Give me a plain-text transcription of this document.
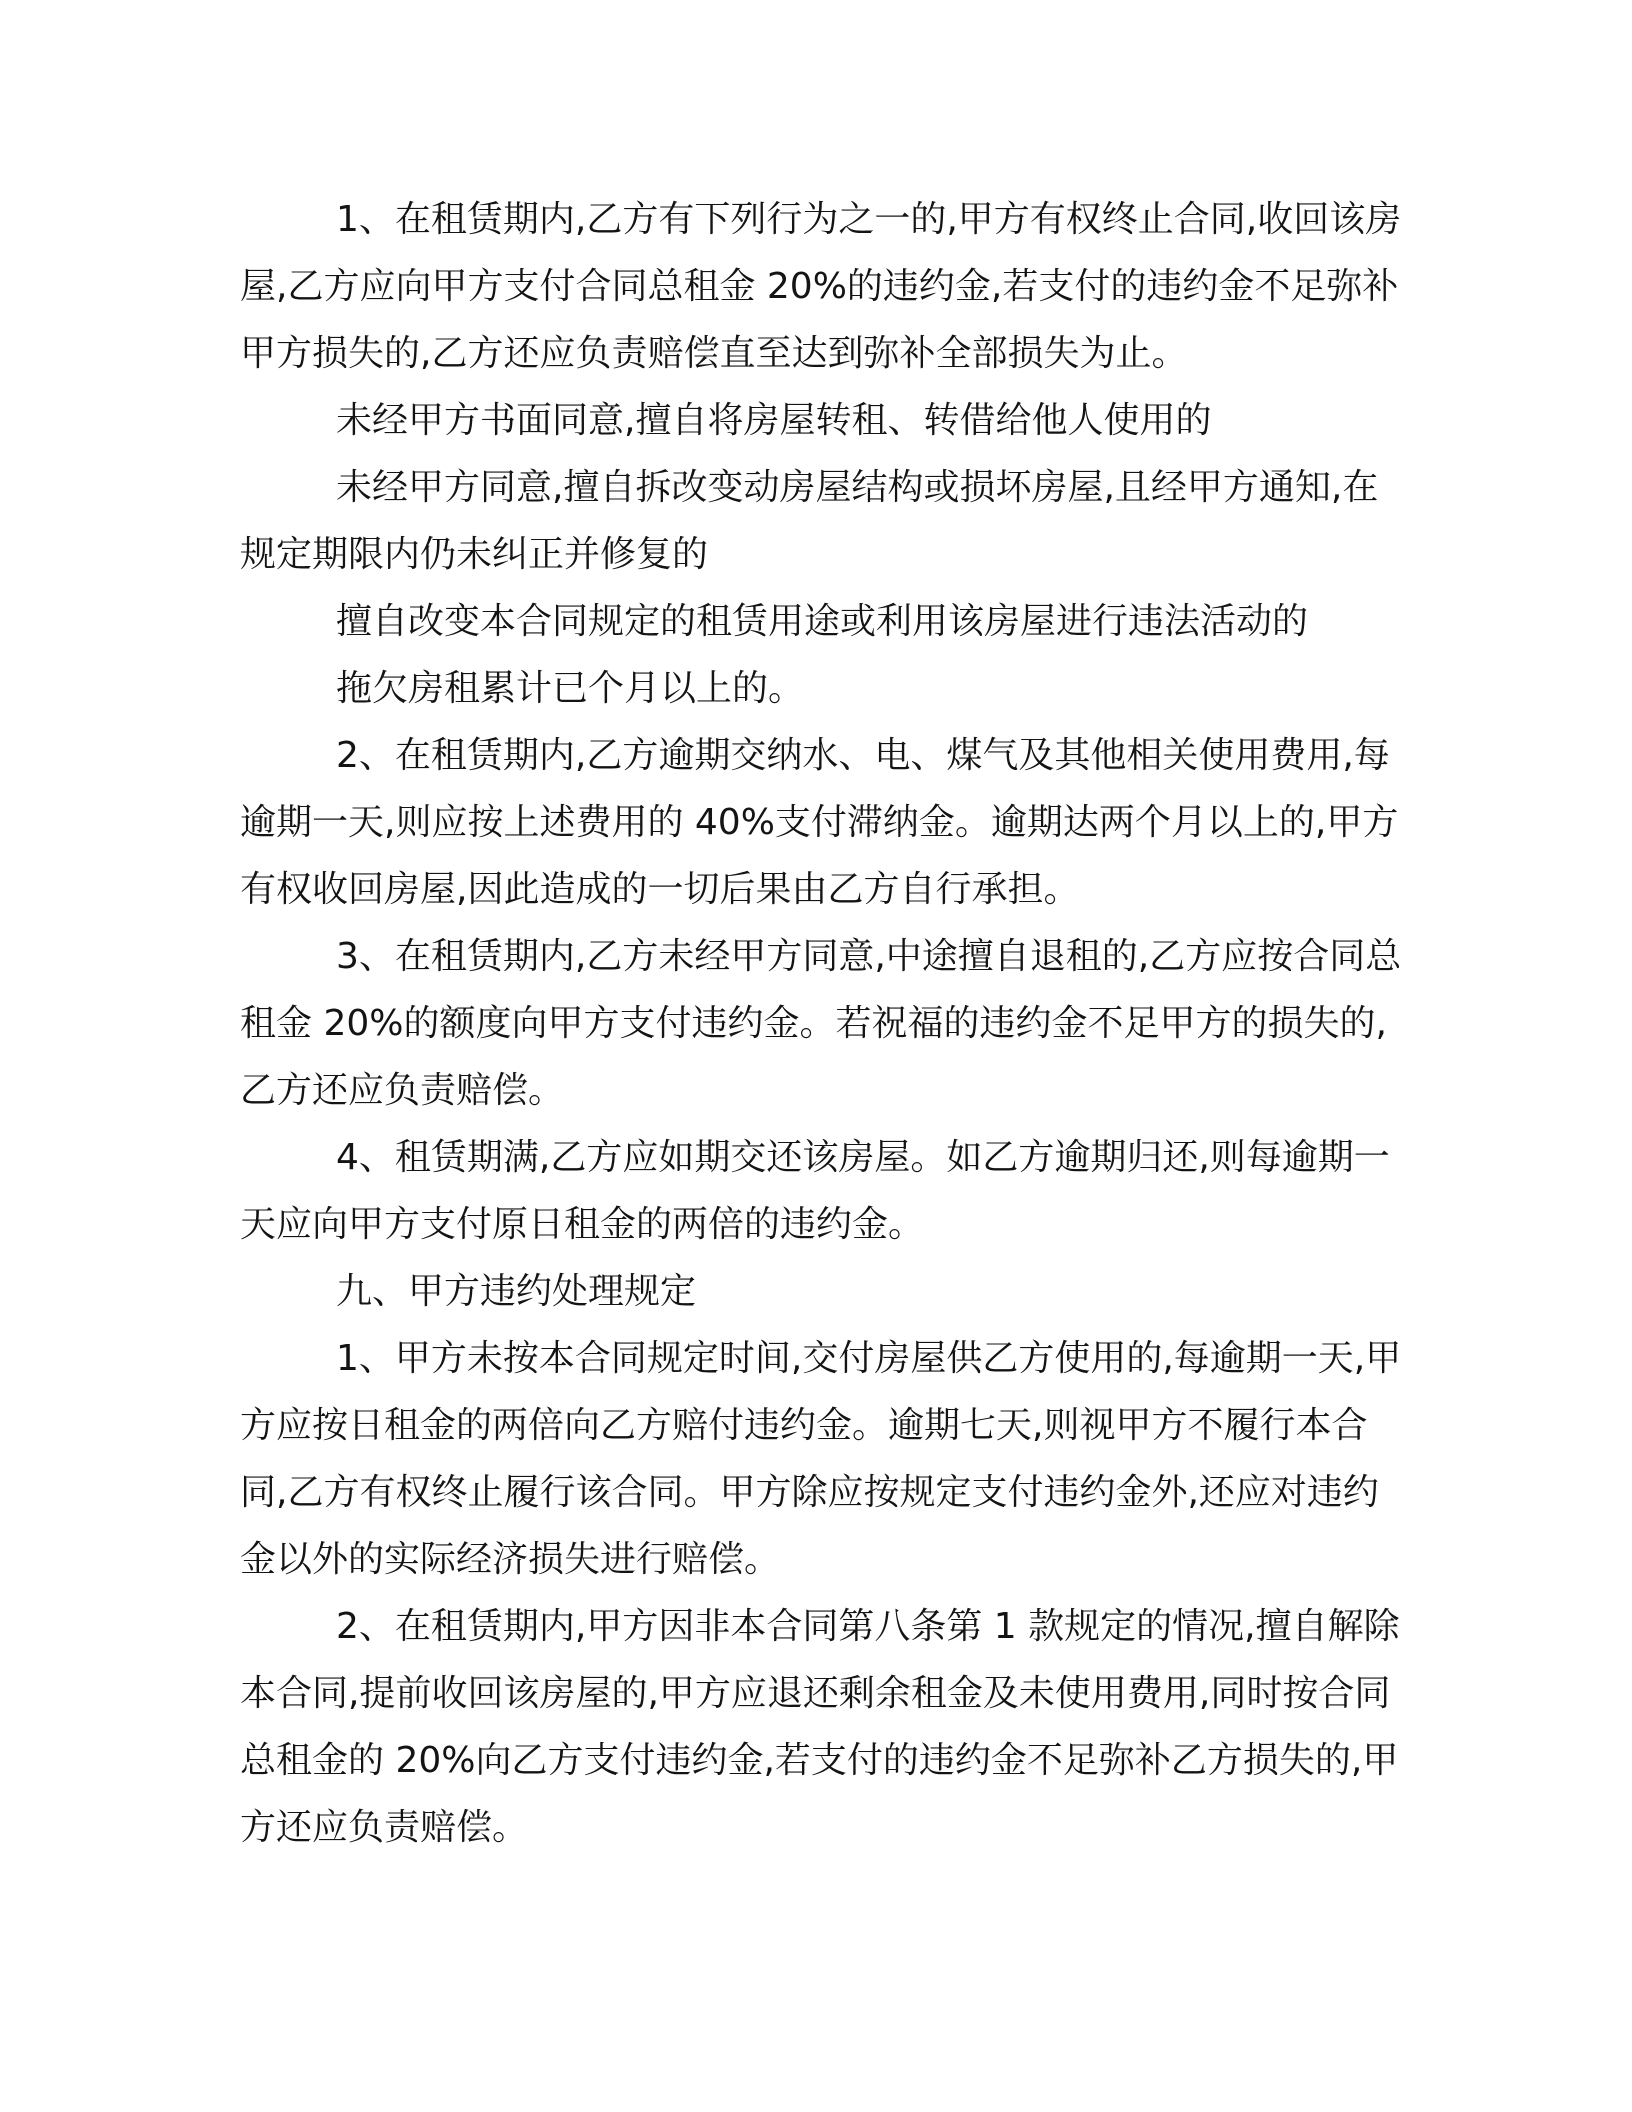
1、在租赁期内,乙方有下列行为之一的,甲方有权终止合同,收回该房屋,乙方应向甲方支付合同总租金 20%的违约金,若支付的违约金不足弥补甲方损失的,乙方还应负责赔偿直至达到弥补全部损失为止。

未经甲方书面同意,擅自将房屋转租、转借给他人使用的

未经甲方同意,擅自拆改变动房屋结构或损坏房屋,且经甲方通知,在规定期限内仍未纠正并修复的

擅自改变本合同规定的租赁用途或利用该房屋进行违法活动的

拖欠房租累计已个月以上的。

2、在租赁期内,乙方逾期交纳水、电、煤气及其他相关使用费用,每逾期一天,则应按上述费用的 40%支付滞纳金。逾期达两个月以上的,甲方有权收回房屋,因此造成的一切后果由乙方自行承担。

3、在租赁期内,乙方未经甲方同意,中途擅自退租的,乙方应按合同总租金 20%的额度向甲方支付违约金。若祝福的违约金不足甲方的损失的,乙方还应负责赔偿。

4、租赁期满,乙方应如期交还该房屋。如乙方逾期归还,则每逾期一天应向甲方支付原日租金的两倍的违约金。

九、甲方违约处理规定

1、甲方未按本合同规定时间,交付房屋供乙方使用的,每逾期一天,甲方应按日租金的两倍向乙方赔付违约金。逾期七天,则视甲方不履行本合同,乙方有权终止履行该合同。甲方除应按规定支付违约金外,还应对违约金以外的实际经济损失进行赔偿。

2、在租赁期内,甲方因非本合同第八条第 1 款规定的情况,擅自解除本合同,提前收回该房屋的,甲方应退还剩余租金及未使用费用,同时按合同总租金的 20%向乙方支付违约金,若支付的违约金不足弥补乙方损失的,甲方还应负责赔偿。
